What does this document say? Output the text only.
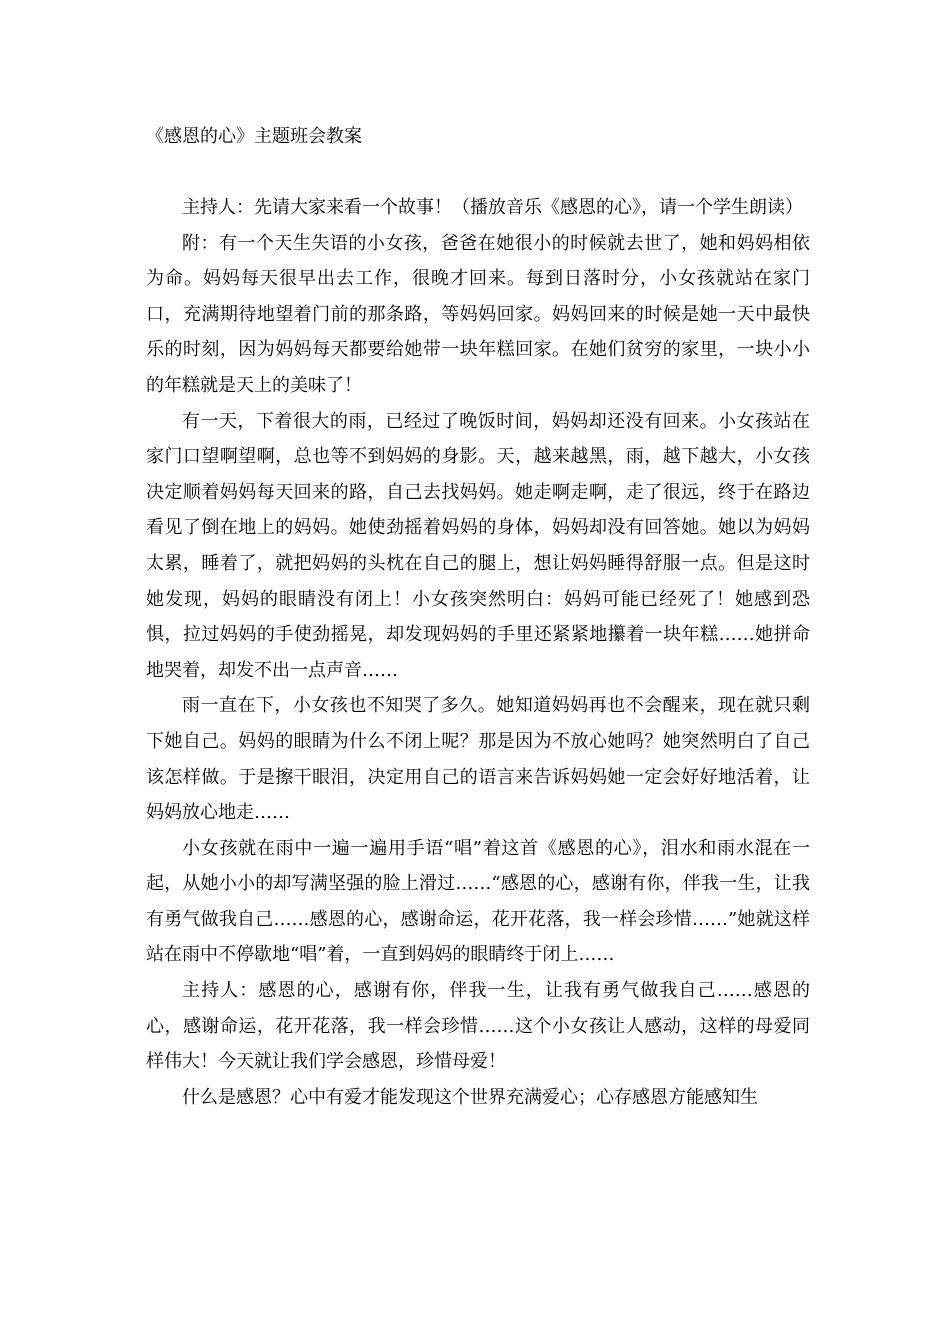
《感恩的心》主题班会教案

主持人：先请大家来看一个故事！（播放音乐《感恩的心》，请一个学生朗读）

附：有一个天生失语的小女孩，爸爸在她很小的时候就去世了，她和妈妈相依为命。妈妈每天很早出去工作，很晚才回来。每到日落时分，小女孩就站在家门口，充满期待地望着门前的那条路，等妈妈回家。妈妈回来的时候是她一天中最快乐的时刻，因为妈妈每天都要给她带一块年糕回家。在她们贫穷的家里，一块小小的年糕就是天上的美味了！

有一天，下着很大的雨，已经过了晚饭时间，妈妈却还没有回来。小女孩站在家门口望啊望啊，总也等不到妈妈的身影。天，越来越黑，雨，越下越大，小女孩决定顺着妈妈每天回来的路，自己去找妈妈。她走啊走啊，走了很远，终于在路边看见了倒在地上的妈妈。她使劲摇着妈妈的身体，妈妈却没有回答她。她以为妈妈太累，睡着了，就把妈妈的头枕在自己的腿上，想让妈妈睡得舒服一点。但是这时她发现，妈妈的眼睛没有闭上！小女孩突然明白：妈妈可能已经死了！她感到恐惧，拉过妈妈的手使劲摇晃，却发现妈妈的手里还紧紧地攥着一块年糕……她拼命地哭着，却发不出一点声音……

雨一直在下，小女孩也不知哭了多久。她知道妈妈再也不会醒来，现在就只剩下她自己。妈妈的眼睛为什么不闭上呢？那是因为不放心她吗？她突然明白了自己该怎样做。于是擦干眼泪，决定用自己的语言来告诉妈妈她一定会好好地活着，让妈妈放心地走……

小女孩就在雨中一遍一遍用手语“唱”着这首《感恩的心》，泪水和雨水混在一起，从她小小的却写满坚强的脸上滑过……“感恩的心，感谢有你，伴我一生，让我有勇气做我自己……感恩的心，感谢命运，花开花落，我一样会珍惜……”她就这样站在雨中不停歇地“唱”着，一直到妈妈的眼睛终于闭上……

主持人：感恩的心，感谢有你，伴我一生，让我有勇气做我自己……感恩的心，感谢命运，花开花落，我一样会珍惜……这个小女孩让人感动，这样的母爱同样伟大！今天就让我们学会感恩，珍惜母爱！

什么是感恩？心中有爱才能发现这个世界充满爱心；心存感恩方能感知生
